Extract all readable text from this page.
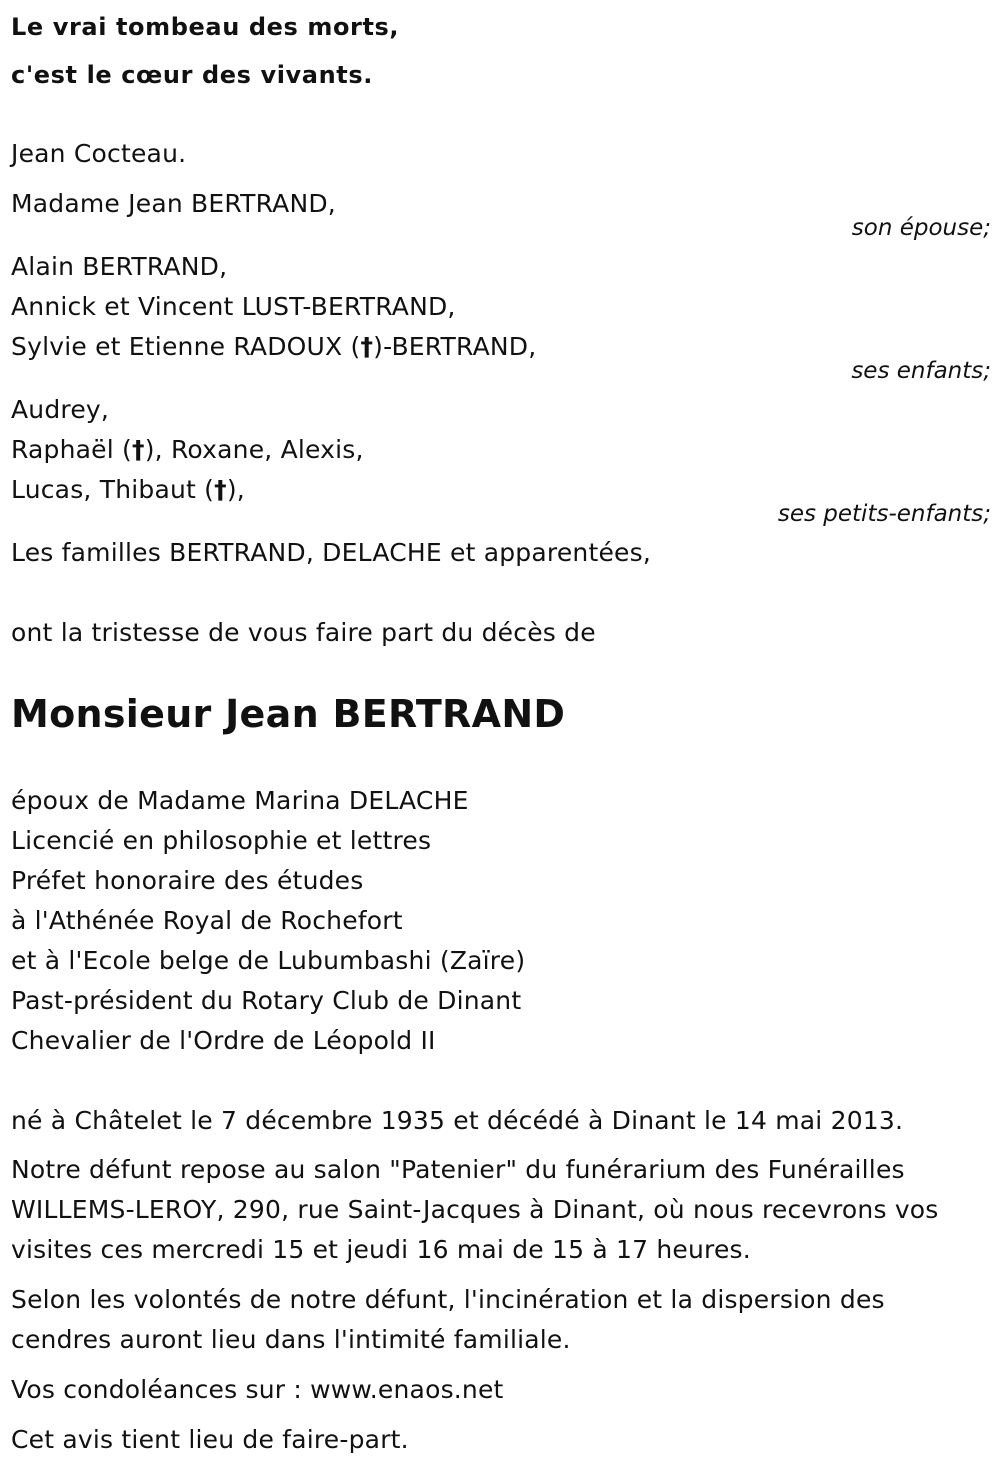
Le vrai tombeau des morts,
c'est le cœur des vivants.
Jean Cocteau.
Madame Jean BERTRAND,
son épouse;
Alain BERTRAND,
Annick et Vincent LUST-BERTRAND,
Sylvie et Etienne RADOUX (†)-BERTRAND,
ses enfants;
Audrey,
Raphaël (†), Roxane, Alexis,
Lucas, Thibaut (†),
ses petits-enfants;
Les familles BERTRAND, DELACHE et apparentées,
ont la tristesse de vous faire part du décès de
Monsieur Jean BERTRAND
époux de Madame Marina DELACHE
Licencié en philosophie et lettres
Préfet honoraire des études
à l'Athénée Royal de Rochefort
et à l'Ecole belge de Lubumbashi (Zaïre)
Past-président du Rotary Club de Dinant
Chevalier de l'Ordre de Léopold II
né à Châtelet le 7 décembre 1935 et décédé à Dinant le 14 mai 2013.
Notre défunt repose au salon "Patenier" du funérarium des Funérailles
WILLEMS-LEROY, 290, rue Saint-Jacques à Dinant, où nous recevrons vos
visites ces mercredi 15 et jeudi 16 mai de 15 à 17 heures.
Selon les volontés de notre défunt, l'incinération et la dispersion des
cendres auront lieu dans l'intimité familiale.
Vos condoléances sur : www.enaos.net
Cet avis tient lieu de faire-part.
